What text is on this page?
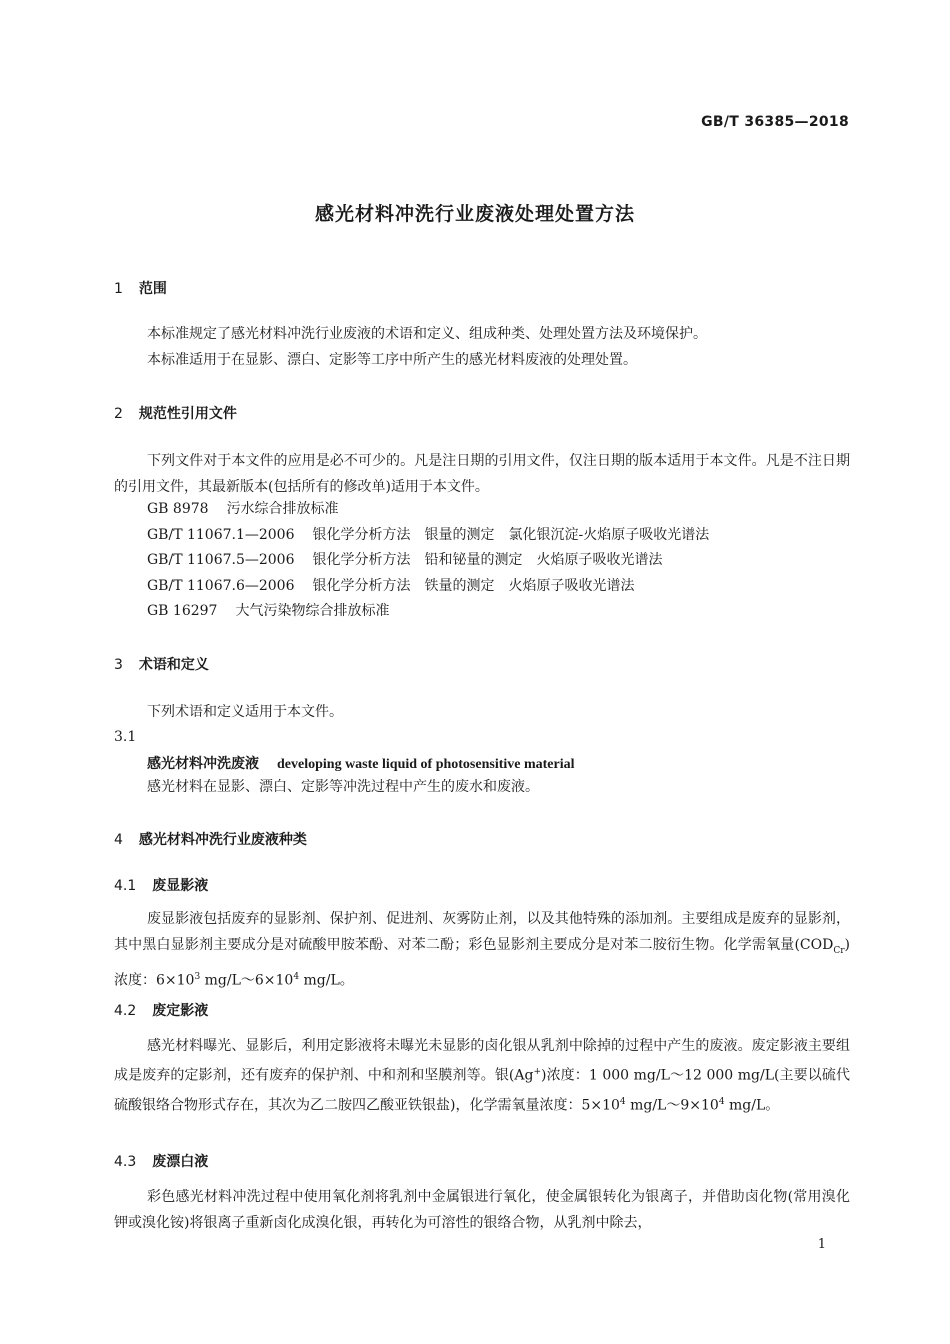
GB/T 36385—2018
感光材料冲洗行业废液处理处置方法
1 范围

本标准规定了感光材料冲洗行业废液的术语和定义、组成种类、处理处置方法及环境保护。

本标准适用于在显影、漂白、定影等工序中所产生的感光材料废液的处理处置。

2 规范性引用文件

下列文件对于本文件的应用是必不可少的。凡是注日期的引用文件，仅注日期的版本适用于本文件。凡是不注日期的引用文件，其最新版本(包括所有的修改单)适用于本文件。

GB 8978 污水综合排放标准
GB/T 11067.1—2006 银化学分析方法　银量的测定　氯化银沉淀-火焰原子吸收光谱法
GB/T 11067.5—2006 银化学分析方法　铅和铋量的测定　火焰原子吸收光谱法
GB/T 11067.6—2006 银化学分析方法　铁量的测定　火焰原子吸收光谱法
GB 16297 大气污染物综合排放标准
3 术语和定义

下列术语和定义适用于本文件。

3.1
感光材料冲洗废液 developing waste liquid of photosensitive material
感光材料在显影、漂白、定影等冲洗过程中产生的废水和废液。
4 感光材料冲洗行业废液种类
4.1 废显影液

废显影液包括废弃的显影剂、保护剂、促进剂、灰雾防止剂，以及其他特殊的添加剂。主要组成是废弃的显影剂，其中黑白显影剂主要成分是对硫酸甲胺苯酚、对苯二酚；彩色显影剂主要成分是对苯二胺衍生物。化学需氧量$(COD_{Cr})$浓度：$6\times 10^3$ $mg/L\sim 6\times 10^4$ mg/L。

4.2 废定影液

感光材料曝光、显影后，利用定影液将未曝光未显影的卤化银从乳剂中除掉的过程中产生的废液。废定影液主要组成是废弃的定影剂，还有废弃的保护剂、中和剂和坚膜剂等。银(Ag+)浓度：1 000 mg/L～12 000 mg/L(主要以硫代硫酸银络合物形式存在，其次为乙二胺四乙酸亚铁银盐)，化学需氧量浓度：$5\times 10^4$ $mg/L\sim 9\times 10^4$ mg/L。

4.3 废漂白液

彩色感光材料冲洗过程中使用氧化剂将乳剂中金属银进行氧化，使金属银转化为银离子，并借助卤化物(常用溴化钾或溴化铵)将银离子重新卤化成溴化银，再转化为可溶性的银络合物，从乳剂中除去，

1
